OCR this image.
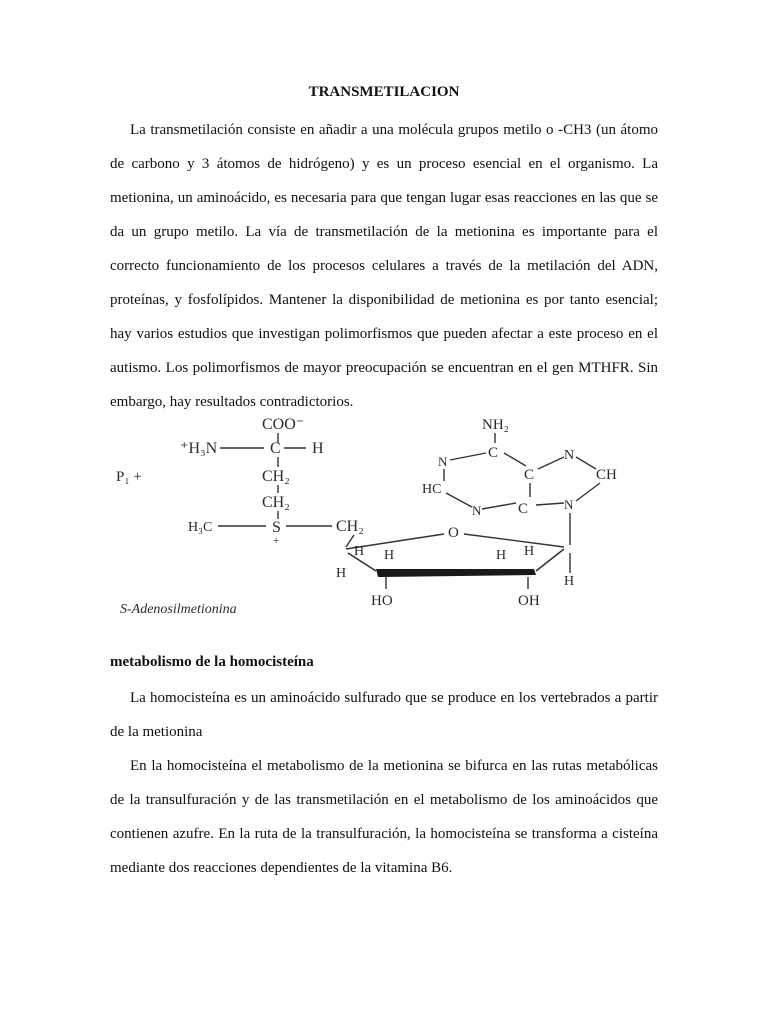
TRANSMETILACION

La transmetilación consiste en añadir a una molécula grupos metilo o -CH3 (un átomo de carbono y 3 átomos de hidrógeno) y es un proceso esencial en el organismo. La metionina, un aminoácido, es necesaria para que tengan lugar esas reacciones en las que se da un grupo metilo. La vía de transmetilación de la metionina es importante para el correcto funcionamiento de los procesos celulares a través de la metilación del ADN, proteínas, y fosfolípidos. Mantener la disponibilidad de metionina es por tanto esencial; hay varios estudios que investigan polimorfismos que pueden afectar a este proceso en el autismo. Los polimorfismos de mayor preocupación se encuentran en el gen MTHFR. Sin embargo, hay resultados contradictorios.

COO⁻
⁺H₃N	C H
P₁ +	CH₂
CH₂
H₃C	S
+
CH₂	O
H	H
H	H
H
H
HO	OH
NH₂
C
N
C
N
CH
HC
N C	N
S-Adenosilmetionina
metabolismo de la homocisteína

La homocisteína es un aminoácido sulfurado que se produce en los vertebrados a partir de la metionina

En la homocisteína el metabolismo de la metionina se bifurca en las rutas metabólicas de la transulfuración y de las transmetilación en el metabolismo de los aminoácidos que contienen azufre. En la ruta de la transulfuración, la homocisteína se transforma a cisteína mediante dos reacciones dependientes de la vitamina B6.
